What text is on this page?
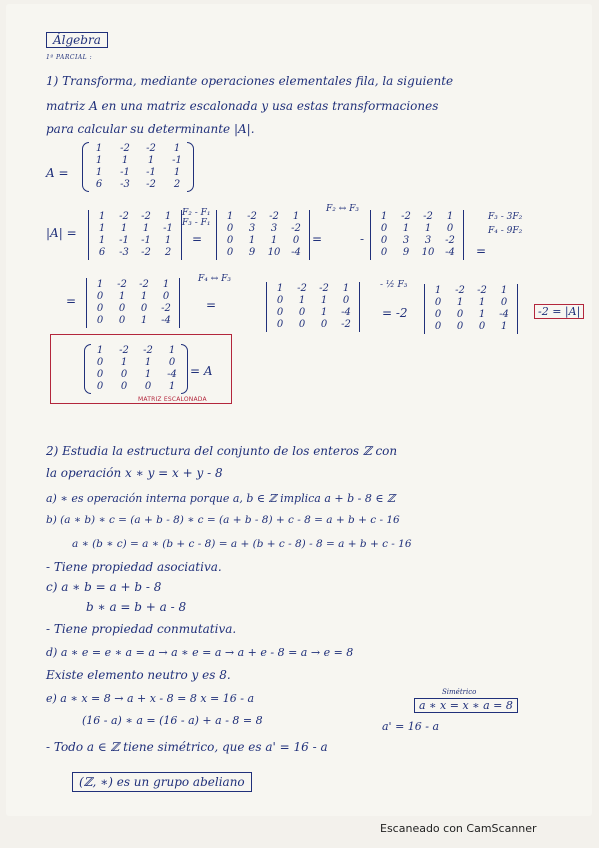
Álgebra
1º PARCIAL :
1) Transforma, mediante operaciones elementales fila, la siguiente
matriz A en una matriz escalonada y usa estas transformaciones
para calcular su determinante |A|.
A =
1	-2	-2	1
1	1	1	-1
1	-1	-1	1
6	-3	-2	2
|A| =
1	-2 -2	1
1	1	1	-1
1	-1 -1	1
6	-3 -2	2
F₂ - F₁
F₃ - F₁
=
1	-2 -2	1
0	3	3	-2
0	1	1	0
0	9	10 -4
F₂ ↔ F₃
=	-
1	-2 -2	1
0	1	1	0
0	3	3	-2
0	9	10 -4
F₃ - 3F₂
F₄ - 9F₂
=
=
1	-2 -2	1
0	1	1	0
0	0	0	-2
0	0	1	-4
F₄ ↔ F₃
=
1	-2 -2	1
0	1	1	0
0	0	1	-4
0	0	0	-2
- ½ F₃
= -2
1	-2 -2	1
0	1	1	0
0	0	1	-4
0	0	0	1
-2 = |A|
1	-2	-2	1
0	1	1	0
0	0	1	-4
0	0	0	1
= A
MATRIZ ESCALONADA
2) Estudia la estructura del conjunto de los enteros ℤ con
la operación x ∗ y = x + y - 8
a) ∗ es operación interna porque a, b ∈ ℤ implica a + b - 8 ∈ ℤ
b) (a ∗ b) ∗ c = (a + b - 8) ∗ c = (a + b - 8) + c - 8 = a + b + c - 16
a ∗ (b ∗ c) = a ∗ (b + c - 8) = a + (b + c - 8) - 8 = a + b + c - 16
- Tiene propiedad asociativa.
c) a ∗ b = a + b - 8
b ∗ a = b + a - 8
- Tiene propiedad conmutativa.
d) a ∗ e = e ∗ a = a → a ∗ e = a → a + e - 8 = a → e = 8
Existe elemento neutro y es 8.
e) a ∗ x = 8 → a + x - 8 = 8 x = 16 - a
(16 - a) ∗ a = (16 - a) + a - 8 = 8	a' = 16 - a
Simétrico
a ∗ x = x ∗ a = 8
- Todo a ∈ ℤ tiene simétrico, que es a' = 16 - a
(ℤ, ∗) es un grupo abeliano
Escaneado con CamScanner
